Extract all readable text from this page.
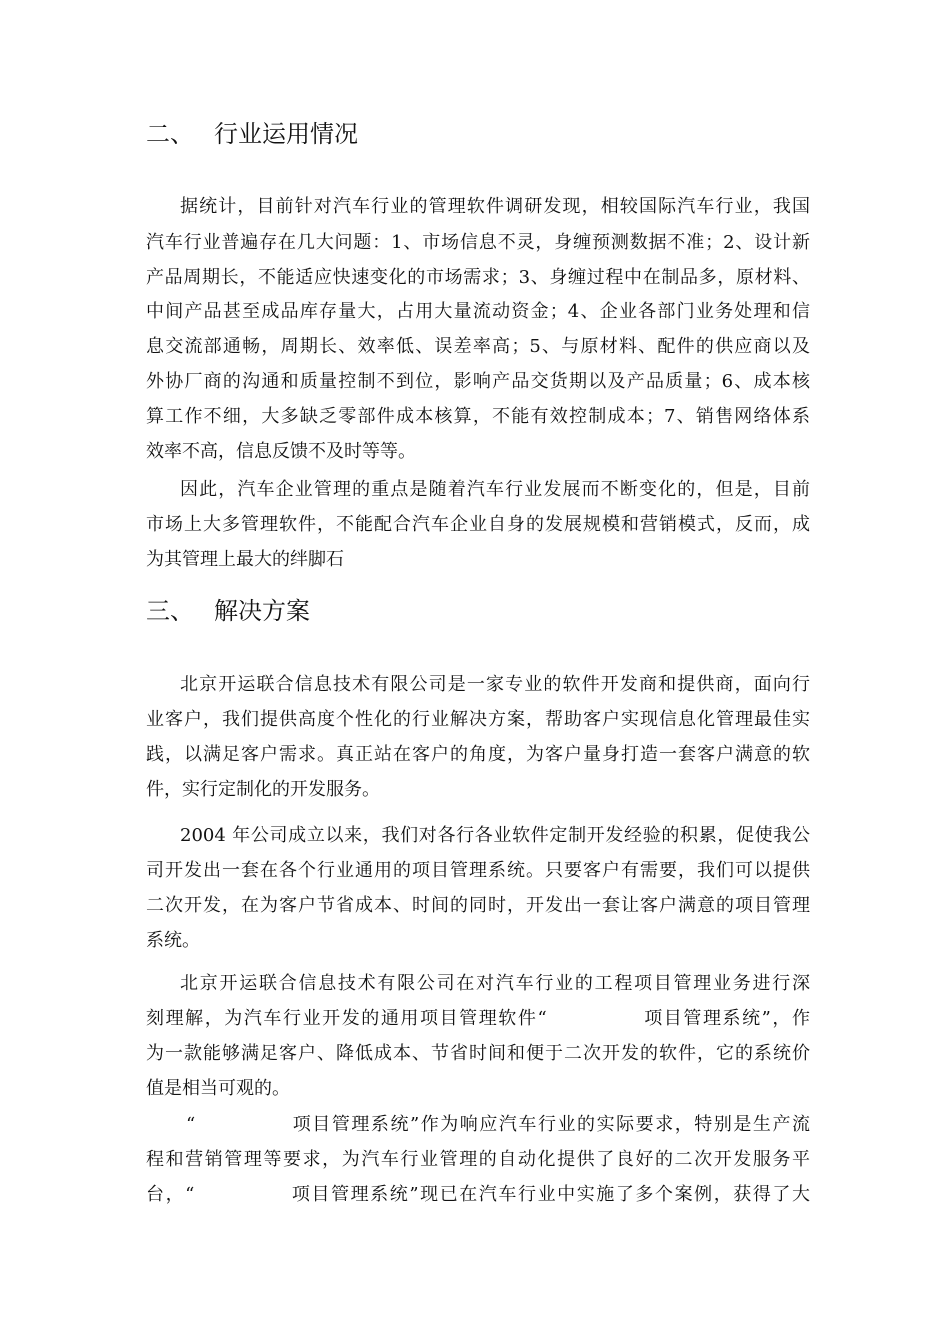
二、 行业运用情况
据统计，目前针对汽车行业的管理软件调研发现，相较国际汽车行业，我国
汽车行业普遍存在几大问题：1、市场信息不灵，身缠预测数据不准；2、设计新
产品周期长，不能适应快速变化的市场需求；3、身缠过程中在制品多，原材料、
中间产品甚至成品库存量大，占用大量流动资金；4、企业各部门业务处理和信
息交流部通畅，周期长、效率低、误差率高；5、与原材料、配件的供应商以及
外协厂商的沟通和质量控制不到位，影响产品交货期以及产品质量；6、成本核
算工作不细，大多缺乏零部件成本核算，不能有效控制成本；7、销售网络体系
效率不高，信息反馈不及时等等。
因此，汽车企业管理的重点是随着汽车行业发展而不断变化的，但是，目前
市场上大多管理软件，不能配合汽车企业自身的发展规模和营销模式，反而，成
为其管理上最大的绊脚石
三、 解决方案
北京开运联合信息技术有限公司是一家专业的软件开发商和提供商，面向行
业客户，我们提供高度个性化的行业解决方案，帮助客户实现信息化管理最佳实
践，以满足客户需求。真正站在客户的角度，为客户量身打造一套客户满意的软
件，实行定制化的开发服务。
2004 年公司成立以来，我们对各行各业软件定制开发经验的积累，促使我公
司开发出一套在各个行业通用的项目管理系统。只要客户有需要，我们可以提供
二次开发，在为客户节省成本、时间的同时，开发出一套让客户满意的项目管理
系统。
北京开运联合信息技术有限公司在对汽车行业的工程项目管理业务进行深
刻理解，为汽车行业开发的通用项目管理软件“	项目管理系统”，作
为一款能够满足客户、降低成本、节省时间和便于二次开发的软件，它的系统价
值是相当可观的。
“	项目管理系统”作为响应汽车行业的实际要求，特别是生产流
程和营销管理等要求，为汽车行业管理的自动化提供了良好的二次开发服务平
台，“	项目管理系统”现已在汽车行业中实施了多个案例，获得了大
